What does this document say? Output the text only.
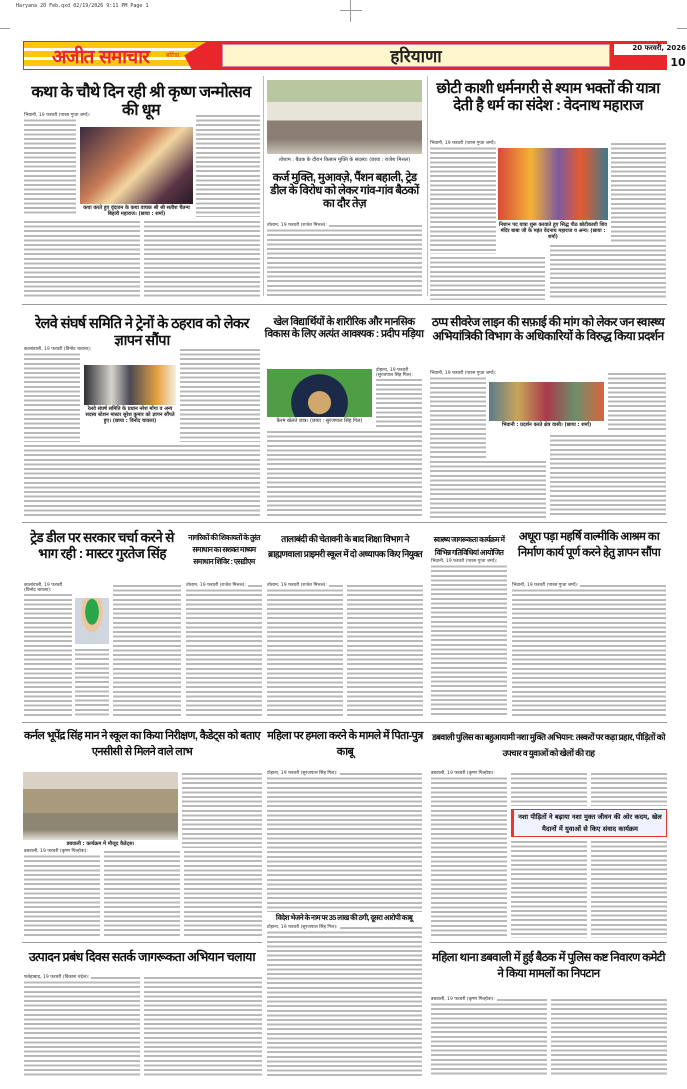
Haryana 20 Feb.qxd 02/19/2026 9:11 PM Page 1
अजीत समाचार	बठिंडा	हरियाणा	20 फरवरी, 2026
10
कथा के चौथे दिन रही श्री कृष्ण जन्मोत्सव की धूम
भिवानी, 19 फरवरी (पारस गुप्ता शर्मा):
कथा करते हुए वृंदावन के कथा वाचक श्री श्री सतीश चैतन्य बिहारी महाराज। (छाया : शर्मा)
तोशाम : बैठक के दौरान किसान मुक्ति के सदस्य। (छाया : राजेश मित्तल)
कर्ज मुक्ति, मुआवज़े, पैंशन बहाली, ट्रेड डील के विरोध को लेकर गांव-गांव बैठकों का दौर तेज़
तोशाम, 19 फरवरी (राजेश मित्तल):
छोटी काशी धर्मनगरी से श्याम भक्तों की यात्रा देती है धर्म का संदेश : वेदनाथ महाराज
भिवानी, 19 फरवरी (पारस गुप्ता शर्मा):
निशान पद यात्रा शुरू करवाते हुए सिद्ध पीठ छोटीकाशी शिव मंदिर बाबा जी के महंत वेदनाथ महाराज व अन्य। (छाया : शर्मा)
रेलवे संघर्ष समिति ने ट्रेनों के ठहराव को लेकर ज्ञापन सौंपा
कालांवाली, 19 फरवरी (विनोद चावला):
रेलवे संघर्ष समिति के प्रधान नरेश मोंगा व अन्य सदस्य स्टेशन मास्टर सुरेश कुमार को ज्ञापन सौंपते हुए। (छाया : विनोद चावला)
खेल विद्यार्थियों के शारीरिक और मानसिक विकास के लिए अत्यंत आवश्यक : प्रदीप मड़िया
कैरम खेलते छात्र। (छाया : सुरजपाल सिंह गिल)
टोहाना, 19 फरवरी (सुरजपाल सिंह गिल):
ठप्प सीवरेज लाइन की सफ़ाई की मांग को लेकर जन स्वास्थ्य अभियांत्रिकी विभाग के अधिकारियों के विरुद्ध किया प्रदर्शन
भिवानी, 19 फरवरी (पारस गुप्ता शर्मा):
भिवानी : प्रदर्शन करते क्षेत्र वासी। (छाया : शर्मा)
ट्रेड डील पर सरकार चर्चा करने से भाग रही : मास्टर गुरतेज सिंह
कालांवाली, 19 फरवरी (विनोद चावला):
नागरिकों की शिकायतों के तुरंत समाधान का सशक्त माध्यम समाधान शिविर : एसडीएम
तोशाम, 19 फरवरी (राजेश मित्तल):
तालाबंदी की चेतावनी के बाद शिक्षा विभाग ने ब्राह्मणवाला प्राइमरी स्कूल में दो अध्यापक किए नियुक्त
तोशाम, 19 फरवरी (राजेश मित्तल):
स्वास्थ्य जागरूकता कार्यक्रम में विभिन्न गतिविधियां आयोजित
भिवानी, 19 फरवरी (पारस गुप्ता शर्मा):
अधूरा पड़ा महर्षि वाल्मीकि आश्रम का निर्माण कार्य पूर्ण करने हेतु ज्ञापन सौंपा
भिवानी, 19 फरवरी (पारस गुप्ता शर्मा):
कर्नल भूपेंद्र सिंह मान ने स्कूल का किया निरीक्षण, कैडेट्स को बताए एनसीसी से मिलने वाले लाभ
डबवाली : कार्यक्रम में मौजूद कैडेट्स।
डबवाली, 19 फरवरी (कृष्ण गिल्होत्रा):
महिला पर हमला करने के मामले में पिता-पुत्र काबू
टोहाना, 19 फरवरी (सुरजपाल सिंह गिल):
विदेश भेजने के नाम पर 35 लाख की ठगी, दूसरा आरोपी काबू
टोहाना, 19 फरवरी (सुरजपाल सिंह गिल):
डबवाली पुलिस का बहुआयामी नशा मुक्ति अभियान: तस्करों पर कड़ा प्रहार, पीड़ितों को उपचार व युवाओं को खेलों की राह
डबवाली, 19 फरवरी (कृष्ण गिल्होत्रा):
नशा पीड़ितों ने बढ़ाया नशा मुक्त जीवन की ओर कदम, खेल मैदानों में युवाओं से किए संवाद कार्यक्रम
उत्पादन प्रबंध दिवस सतर्क जागरूकता अभियान चलाया
फतेहाबाद, 19 फरवरी (विकास चंदेल):
महिला थाना डबवाली में हुई बैठक में पुलिस कष्ट निवारण कमेटी ने किया मामलों का निपटान
डबवाली, 19 फरवरी (कृष्ण गिल्होत्रा):
